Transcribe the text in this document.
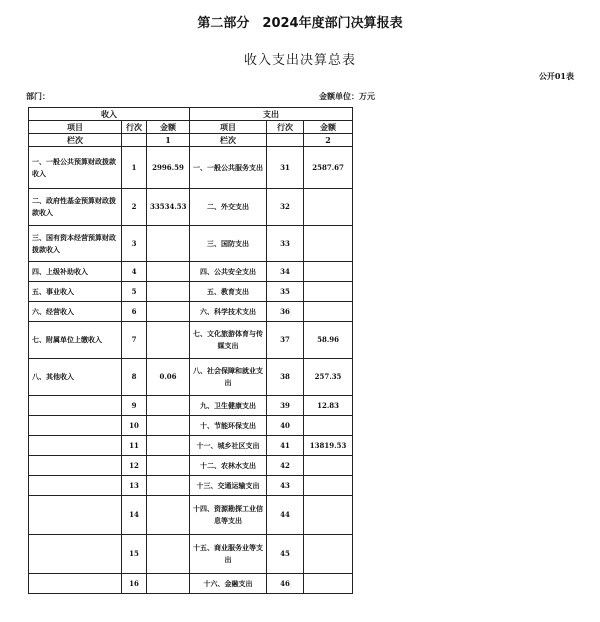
第二部分　2024年度部门决算报表
收入支出决算总表
公开01表
部门：	金额单位：万元
收入			支出		
项目	行次	金额	项目	行次	金额
栏次		1	栏次		2
一、一般公共预算财政拨款收入	1	2996.59	一、一般公共服务支出	31	2587.67
二、政府性基金预算财政拨款收入	2	33534.53	二、外交支出	32	
三、国有资本经营预算财政拨款收入	3		三、国防支出	33	
四、上级补助收入	4		四、公共安全支出	34	
五、事业收入	5		五、教育支出	35	
六、经营收入	6		六、科学技术支出	36	
七、附属单位上缴收入	7		七、文化旅游体育与传媒支出	37	58.96
八、其他收入	8	0.06	八、社会保障和就业支出	38	257.35
	9		九、卫生健康支出	39	12.83
	10		十、节能环保支出	40	
	11		十一、城乡社区支出	41	13819.53
	12		十二、农林水支出	42	
	13		十三、交通运输支出	43	
	14		十四、资源勘探工业信息等支出	44	
	15		十五、商业服务业等支出	45	
	16		十六、金融支出	46	
